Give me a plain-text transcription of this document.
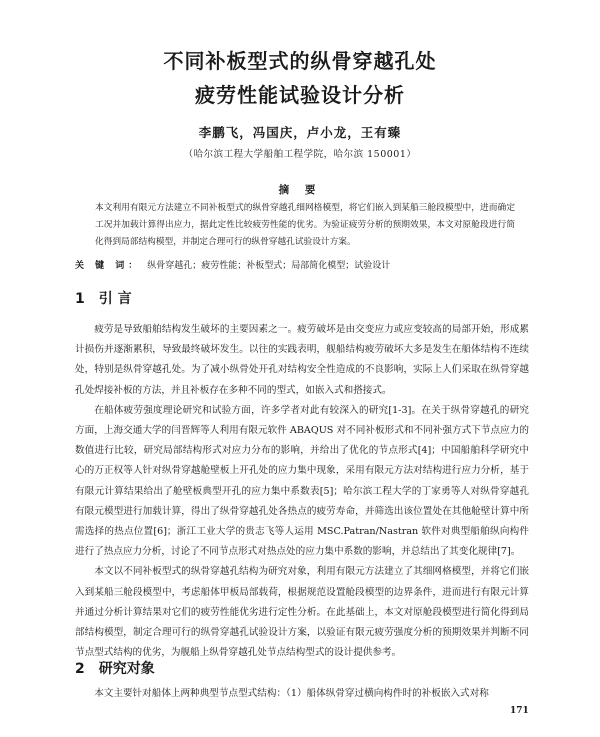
不同补板型式的纵骨穿越孔处
疲劳性能试验设计分析
李鹏飞，冯国庆，卢小龙，王有臻
（哈尔滨工程大学船舶工程学院，哈尔滨 150001）
摘 要
本文利用有限元方法建立不同补板型式的纵骨穿越孔细网格模型，将它们嵌入到某船三舱段模型中，进而确定工况并加载计算得出应力，据此定性比较疲劳性能的优劣。为验证疲劳分析的预期效果，本文对原舱段进行简化得到局部结构模型，并制定合理可行的纵骨穿越孔试验设计方案。
关 键 词： 纵骨穿越孔；疲劳性能；补板型式；局部简化模型；试验设计
1 引 言

疲劳是导致船舶结构发生破坏的主要因素之一。疲劳破坏是由交变应力或应变较高的局部开始，形成累计损伤并逐渐累积，导致最终破坏发生。以往的实践表明，舰船结构疲劳破坏大多是发生在船体结构不连续处，特别是纵骨穿越孔处。为了减小纵骨处开孔对结构安全性造成的不良影响，实际上人们采取在纵骨穿越孔处焊接补板的方法，并且补板存在多种不同的型式，如嵌入式和搭接式。

在船体疲劳强度理论研究和试验方面，许多学者对此有较深入的研究[1-3]。在关于纵骨穿越孔的研究方面，上海交通大学的闫晋辉等人利用有限元软件 ABAQUS 对不同补板形式和不同补强方式下节点应力的数值进行比较，研究局部结构形式对应力分布的影响，并给出了优化的节点形式[4]；中国船舶科学研究中心的万正权等人针对纵骨穿越舱壁板上开孔处的应力集中现象，采用有限元方法对结构进行应力分析，基于有限元计算结果给出了舱壁板典型开孔的应力集中系数表[5]；哈尔滨工程大学的丁家勇等人对纵骨穿越孔有限元模型进行加载计算，得出了纵骨穿越孔处各热点的疲劳寿命，并筛选出该位置处在其他舱壁计算中所需选择的热点位置[6]；浙江工业大学的贵志飞等人运用 MSC.Patran/Nastran 软件对典型船舶纵向构件进行了热点应力分析，讨论了不同节点形式对热点处的应力集中系数的影响，并总结出了其变化规律[7]。

本文以不同补板型式的纵骨穿越孔结构为研究对象，利用有限元方法建立了其细网格模型，并将它们嵌入到某船三舱段模型中，考虑船体甲板局部载荷，根据规范设置舱段模型的边界条件，进而进行有限元计算并通过分析计算结果对它们的疲劳性能优劣进行定性分析。在此基础上，本文对原舱段模型进行简化得到局部结构模型，制定合理可行的纵骨穿越孔试验设计方案，以验证有限元疲劳强度分析的预期效果并判断不同节点型式结构的优劣，为舰船上纵骨穿越孔处节点结构型式的设计提供参考。

2 研究对象

本文主要针对船体上两种典型节点型式结构：（1）船体纵骨穿过横向构件时的补板嵌入式对称

171
